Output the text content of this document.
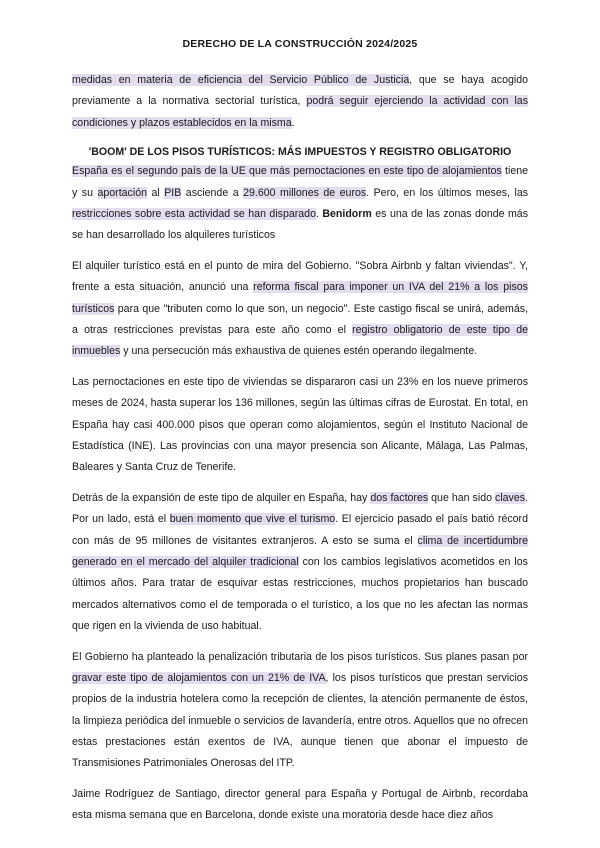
DERECHO DE LA CONSTRUCCIÓN 2024/2025

medidas en materia de eficiencia del Servicio Público de Justicia, que se haya acogido previamente a la normativa sectorial turística, podrá seguir ejerciendo la actividad con las condiciones y plazos establecidos en la misma.

'BOOM' DE LOS PISOS TURÍSTICOS: MÁS IMPUESTOS Y REGISTRO OBLIGATORIO

España es el segundo país de la UE que más pernoctaciones en este tipo de alojamientos tiene y su aportación al PIB asciende a 29.600 millones de euros. Pero, en los últimos meses, las restricciones sobre esta actividad se han disparado. Benidorm es una de las zonas donde más se han desarrollado los alquileres turísticos

El alquiler turístico está en el punto de mira del Gobierno. "Sobra Airbnb y faltan viviendas". Y, frente a esta situación, anunció una reforma fiscal para imponer un IVA del 21% a los pisos turísticos para que "tributen como lo que son, un negocio". Este castigo fiscal se unirá, además, a otras restricciones previstas para este año como el registro obligatorio de este tipo de inmuebles y una persecución más exhaustiva de quienes estén operando ilegalmente.

Las pernoctaciones en este tipo de viviendas se dispararon casi un 23% en los nueve primeros meses de 2024, hasta superar los 136 millones, según las últimas cifras de Eurostat. En total, en España hay casi 400.000 pisos que operan como alojamientos, según el Instituto Nacional de Estadística (INE). Las provincias con una mayor presencia son Alicante, Málaga, Las Palmas, Baleares y Santa Cruz de Tenerife.

Detrás de la expansión de este tipo de alquiler en España, hay dos factores que han sido claves. Por un lado, está el buen momento que vive el turismo. El ejercicio pasado el país batió récord con más de 95 millones de visitantes extranjeros. A esto se suma el clima de incertidumbre generado en el mercado del alquiler tradicional con los cambios legislativos acometidos en los últimos años. Para tratar de esquivar estas restricciones, muchos propietarios han buscado mercados alternativos como el de temporada o el turístico, a los que no les afectan las normas que rigen en la vivienda de uso habitual.

El Gobierno ha planteado la penalización tributaria de los pisos turísticos. Sus planes pasan por gravar este tipo de alojamientos con un 21% de IVA, los pisos turísticos que prestan servicios propios de la industria hotelera como la recepción de clientes, la atención permanente de éstos, la limpieza periódica del inmueble o servicios de lavandería, entre otros. Aquellos que no ofrecen estas prestaciones están exentos de IVA, aunque tienen que abonar el impuesto de Transmisiones Patrimoniales Onerosas del ITP.

Jaime Rodríguez de Santiago, director general para España y Portugal de Airbnb, recordaba esta misma semana que en Barcelona, donde existe una moratoria desde hace diez años
